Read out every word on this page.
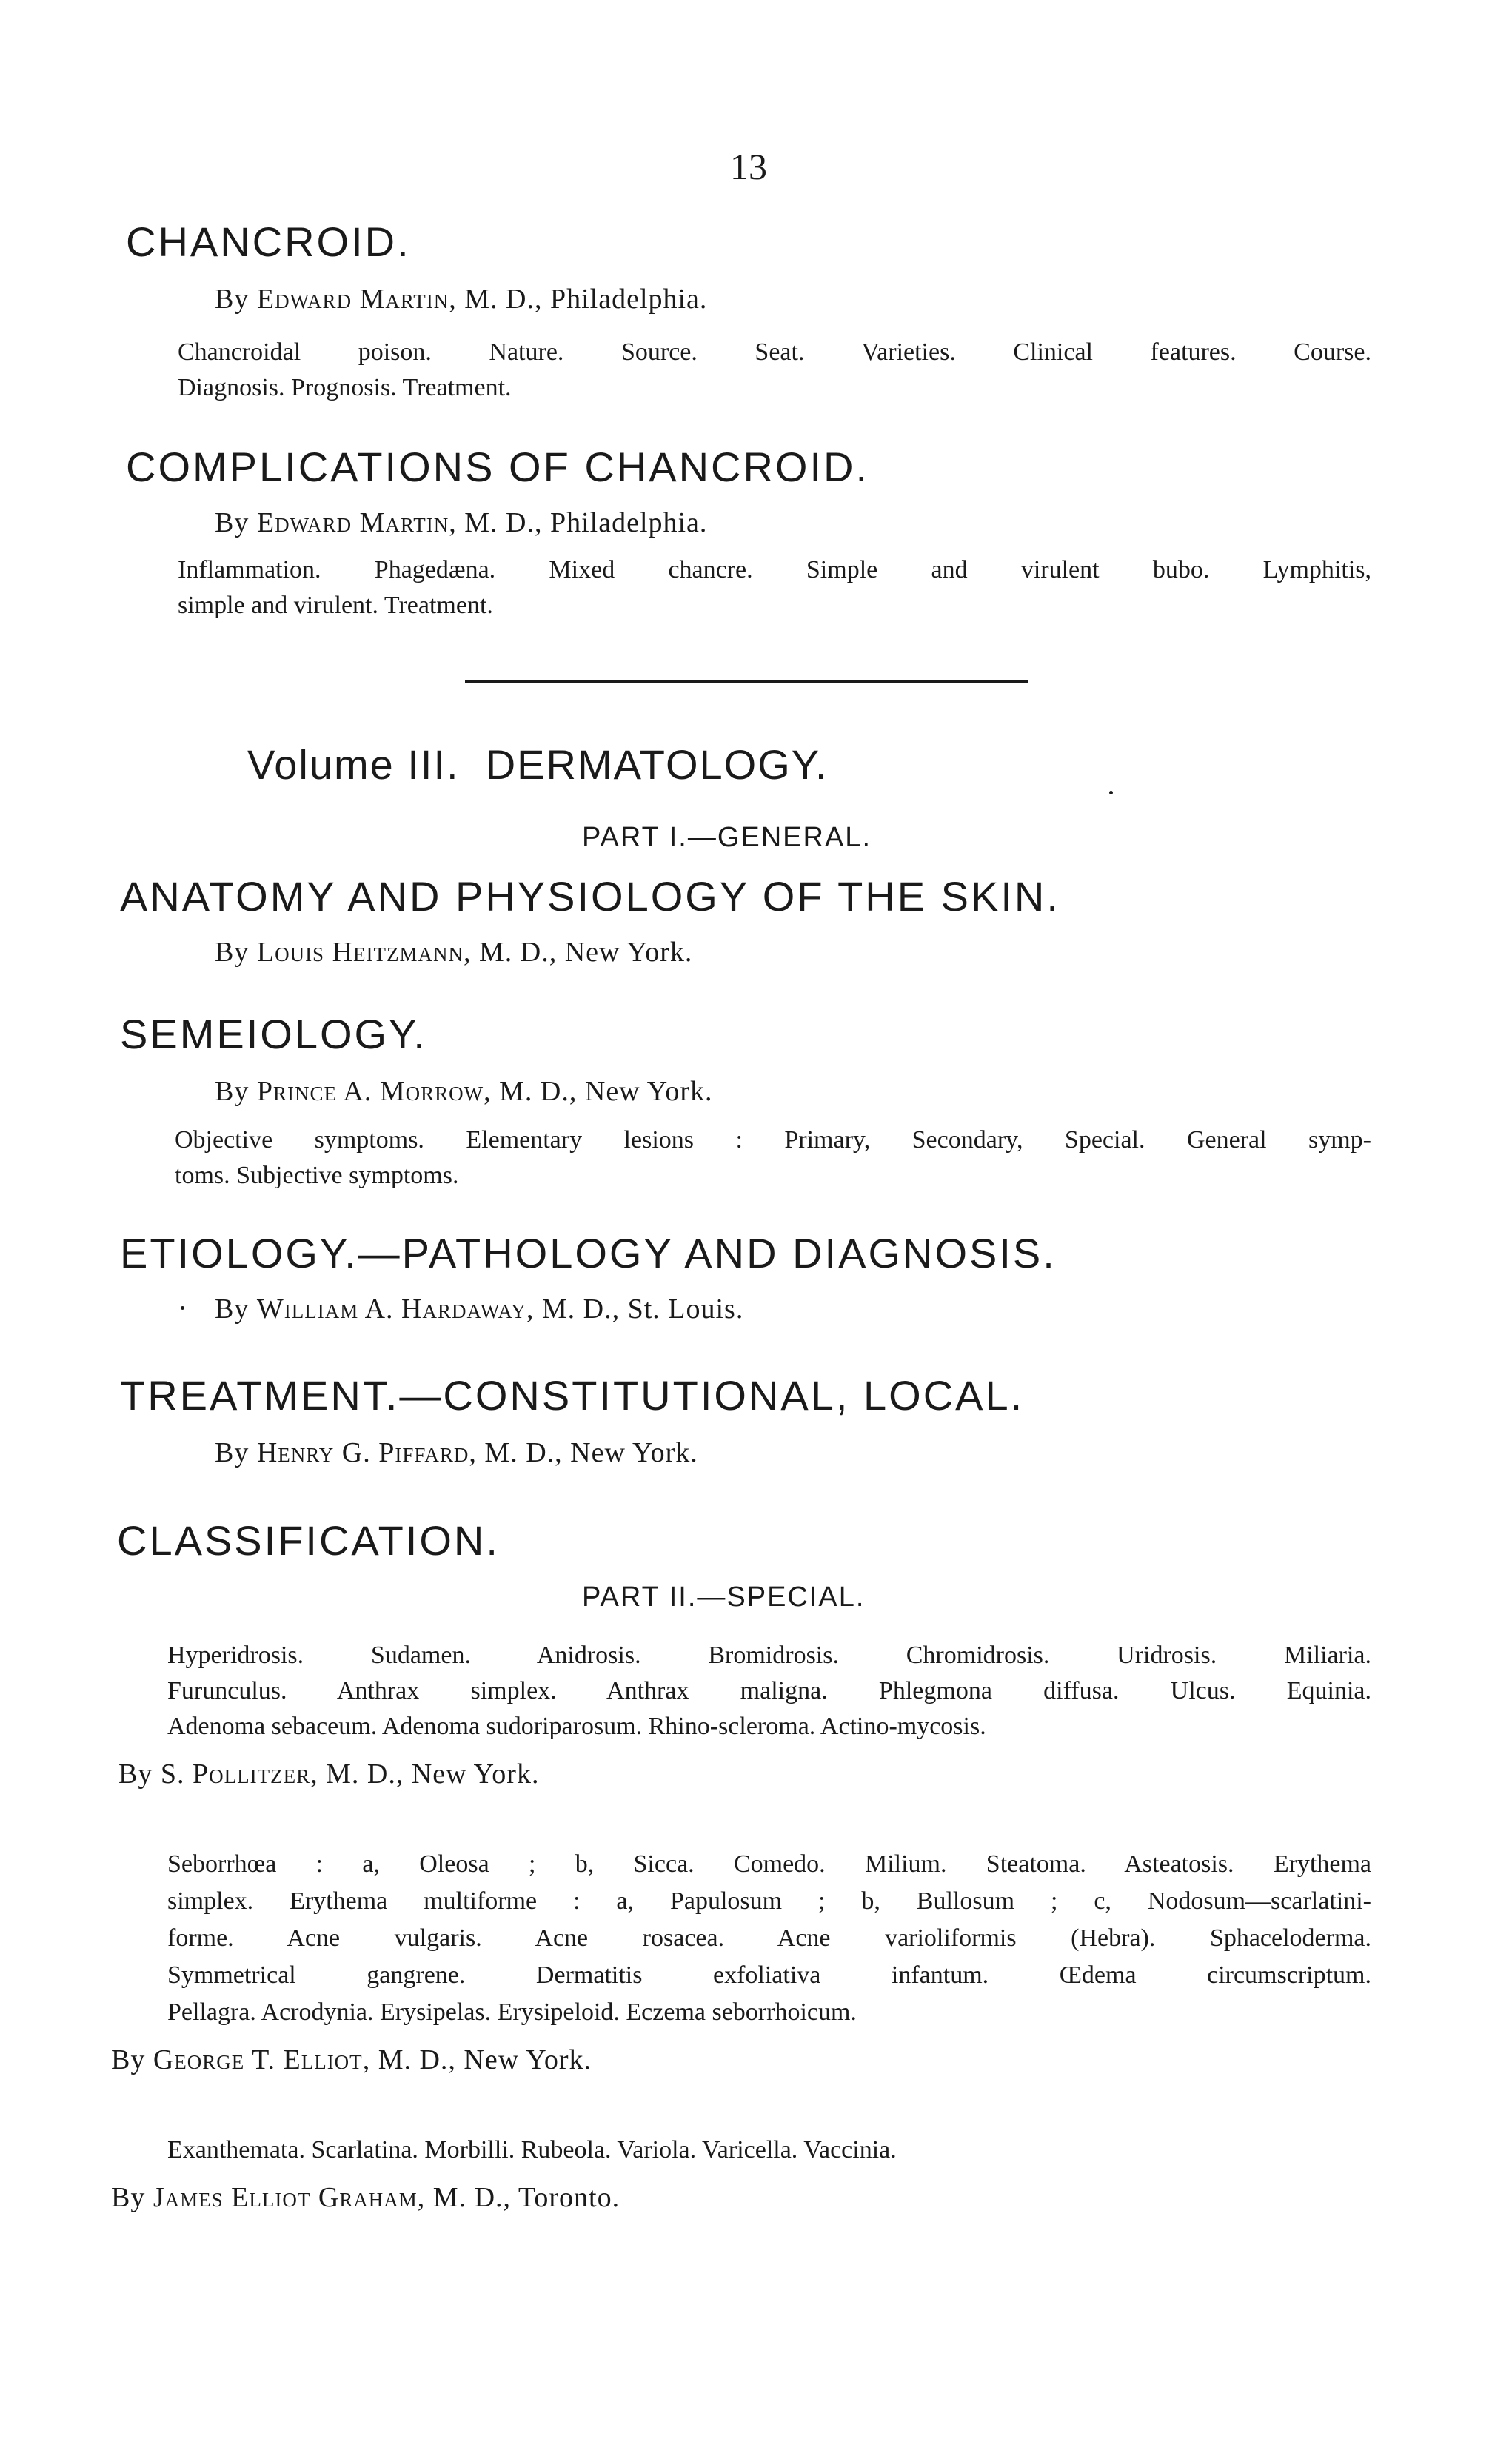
13
CHANCROID.
By Edward Martin, M. D., Philadelphia.
Chancroidal poison. Nature. Source. Seat. Varieties. Clinical features. Course.
Diagnosis. Prognosis. Treatment.
COMPLICATIONS OF CHANCROID.
By Edward Martin, M. D., Philadelphia.
Inflammation. Phagedæna. Mixed chancre. Simple and virulent bubo. Lymphitis,
simple and virulent. Treatment.
Volume III. DERMATOLOGY.
PART I.—GENERAL.
ANATOMY AND PHYSIOLOGY OF THE SKIN.
By Louis Heitzmann, M. D., New York.
SEMEIOLOGY.
By Prince A. Morrow, M. D., New York.
Objective symptoms. Elementary lesions : Primary, Secondary, Special. General symp-
toms. Subjective symptoms.
ETIOLOGY.—PATHOLOGY AND DIAGNOSIS.
By William A. Hardaway, M. D., St. Louis.
TREATMENT.—CONSTITUTIONAL, LOCAL.
By Henry G. Piffard, M. D., New York.
CLASSIFICATION.
PART II.—SPECIAL.
Hyperidrosis. Sudamen. Anidrosis. Bromidrosis. Chromidrosis. Uridrosis. Miliaria.
Furunculus. Anthrax simplex. Anthrax maligna. Phlegmona diffusa. Ulcus. Equinia.
Adenoma sebaceum. Adenoma sudoriparosum. Rhino-scleroma. Actino-mycosis.
By S. Pollitzer, M. D., New York.
Seborrhœa : a, Oleosa ; b, Sicca. Comedo. Milium. Steatoma. Asteatosis. Erythema
simplex. Erythema multiforme : a, Papulosum ; b, Bullosum ; c, Nodosum—scarlatini-
forme. Acne vulgaris. Acne rosacea. Acne varioliformis (Hebra). Sphaceloderma.
Symmetrical gangrene. Dermatitis exfoliativa infantum. Œdema circumscriptum.
Pellagra. Acrodynia. Erysipelas. Erysipeloid. Eczema seborrhoicum.
By George T. Elliot, M. D., New York.
Exanthemata. Scarlatina. Morbilli. Rubeola. Variola. Varicella. Vaccinia.
By James Elliot Graham, M. D., Toronto.
